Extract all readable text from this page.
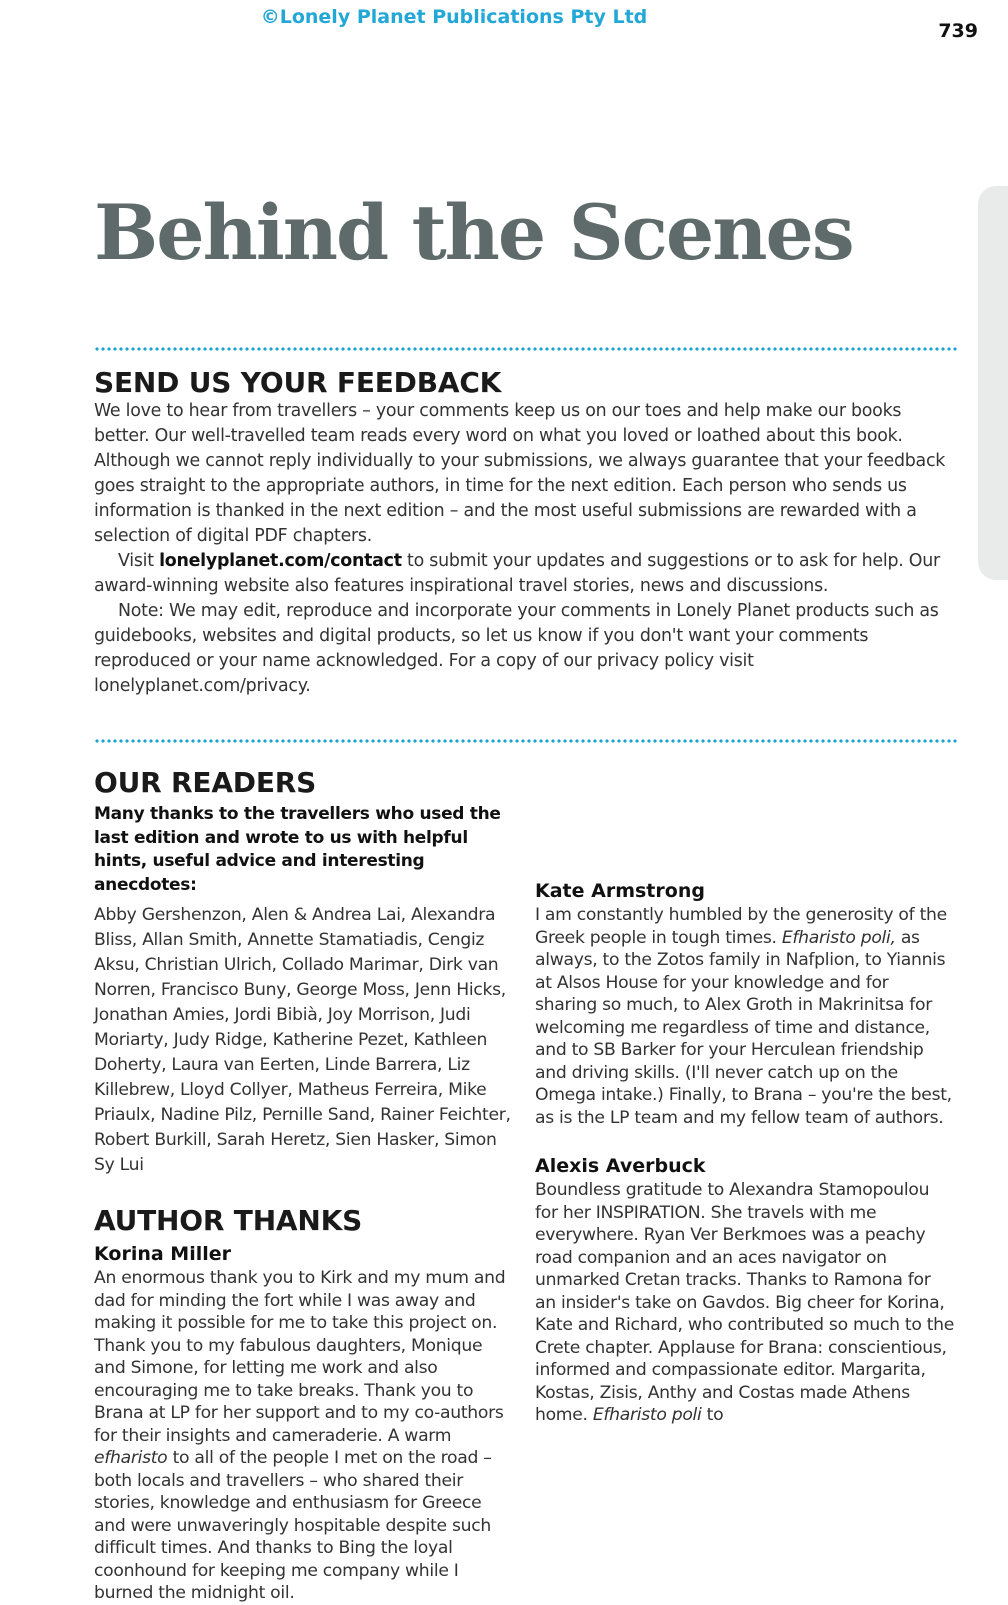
©Lonely Planet Publications Pty Ltd
739
Behind the Scenes
SEND US YOUR FEEDBACK

We love to hear from travellers – your comments keep us on our toes and help make our books better. Our well-travelled team reads every word on what you loved or loathed about this book. Although we cannot reply individually to your submissions, we always guarantee that your feedback goes straight to the appropriate authors, in time for the next edition. Each person who sends us information is thanked in the next edition – and the most useful submissions are rewarded with a selection of digital PDF chapters.

Visit lonelyplanet.com/contact to submit your updates and suggestions or to ask for help. Our award-winning website also features inspirational travel stories, news and discussions.

Note: We may edit, reproduce and incorporate your comments in Lonely Planet products such as guidebooks, websites and digital products, so let us know if you don't want your comments reproduced or your name acknowledged. For a copy of our privacy policy visit lonelyplanet.com/privacy.

OUR READERS

Many thanks to the travellers who used the last edition and wrote to us with helpful hints, useful advice and interesting anecdotes:

Abby Gershenzon, Alen & Andrea Lai, Alexandra Bliss, Allan Smith, Annette Stamatiadis, Cengiz Aksu, Christian Ulrich, Collado Marimar, Dirk van Norren, Francisco Buny, George Moss, Jenn Hicks, Jonathan Amies, Jordi Bibià, Joy Morrison, Judi Moriarty, Judy Ridge, Katherine Pezet, Kathleen Doherty, Laura van Eerten, Linde Barrera, Liz Killebrew, Lloyd Collyer, Matheus Ferreira, Mike Priaulx, Nadine Pilz, Pernille Sand, Rainer Feichter, Robert Burkill, Sarah Heretz, Sien Hasker, Simon Sy Lui

AUTHOR THANKS
Korina Miller

An enormous thank you to Kirk and my mum and dad for minding the fort while I was away and making it possible for me to take this project on. Thank you to my fabulous daughters, Monique and Simone, for letting me work and also encouraging me to take breaks. Thank you to Brana at LP for her support and to my co-authors for their insights and cameraderie. A warm efharisto to all of the people I met on the road – both locals and travellers – who shared their stories, knowledge and enthusiasm for Greece and were unwaveringly hospitable despite such difficult times. And thanks to Bing the loyal coonhound for keeping me company while I burned the midnight oil.

Kate Armstrong

I am constantly humbled by the generosity of the Greek people in tough times. Efharisto poli, as always, to the Zotos family in Nafplion, to Yiannis at Alsos House for your knowledge and for sharing so much, to Alex Groth in Makrinitsa for welcoming me regardless of time and distance, and to SB Barker for your Herculean friendship and driving skills. (I'll never catch up on the Omega intake.) Finally, to Brana – you're the best, as is the LP team and my fellow team of authors.

Alexis Averbuck

Boundless gratitude to Alexandra Stamopoulou for her INSPIRATION. She travels with me everywhere. Ryan Ver Berkmoes was a peachy road companion and an aces navigator on unmarked Cretan tracks. Thanks to Ramona for an insider's take on Gavdos. Big cheer for Korina, Kate and Richard, who contributed so much to the Crete chapter. Applause for Brana: conscientious, informed and compassionate editor. Margarita, Kostas, Zisis, Anthy and Costas made Athens home. Efharisto poli to
